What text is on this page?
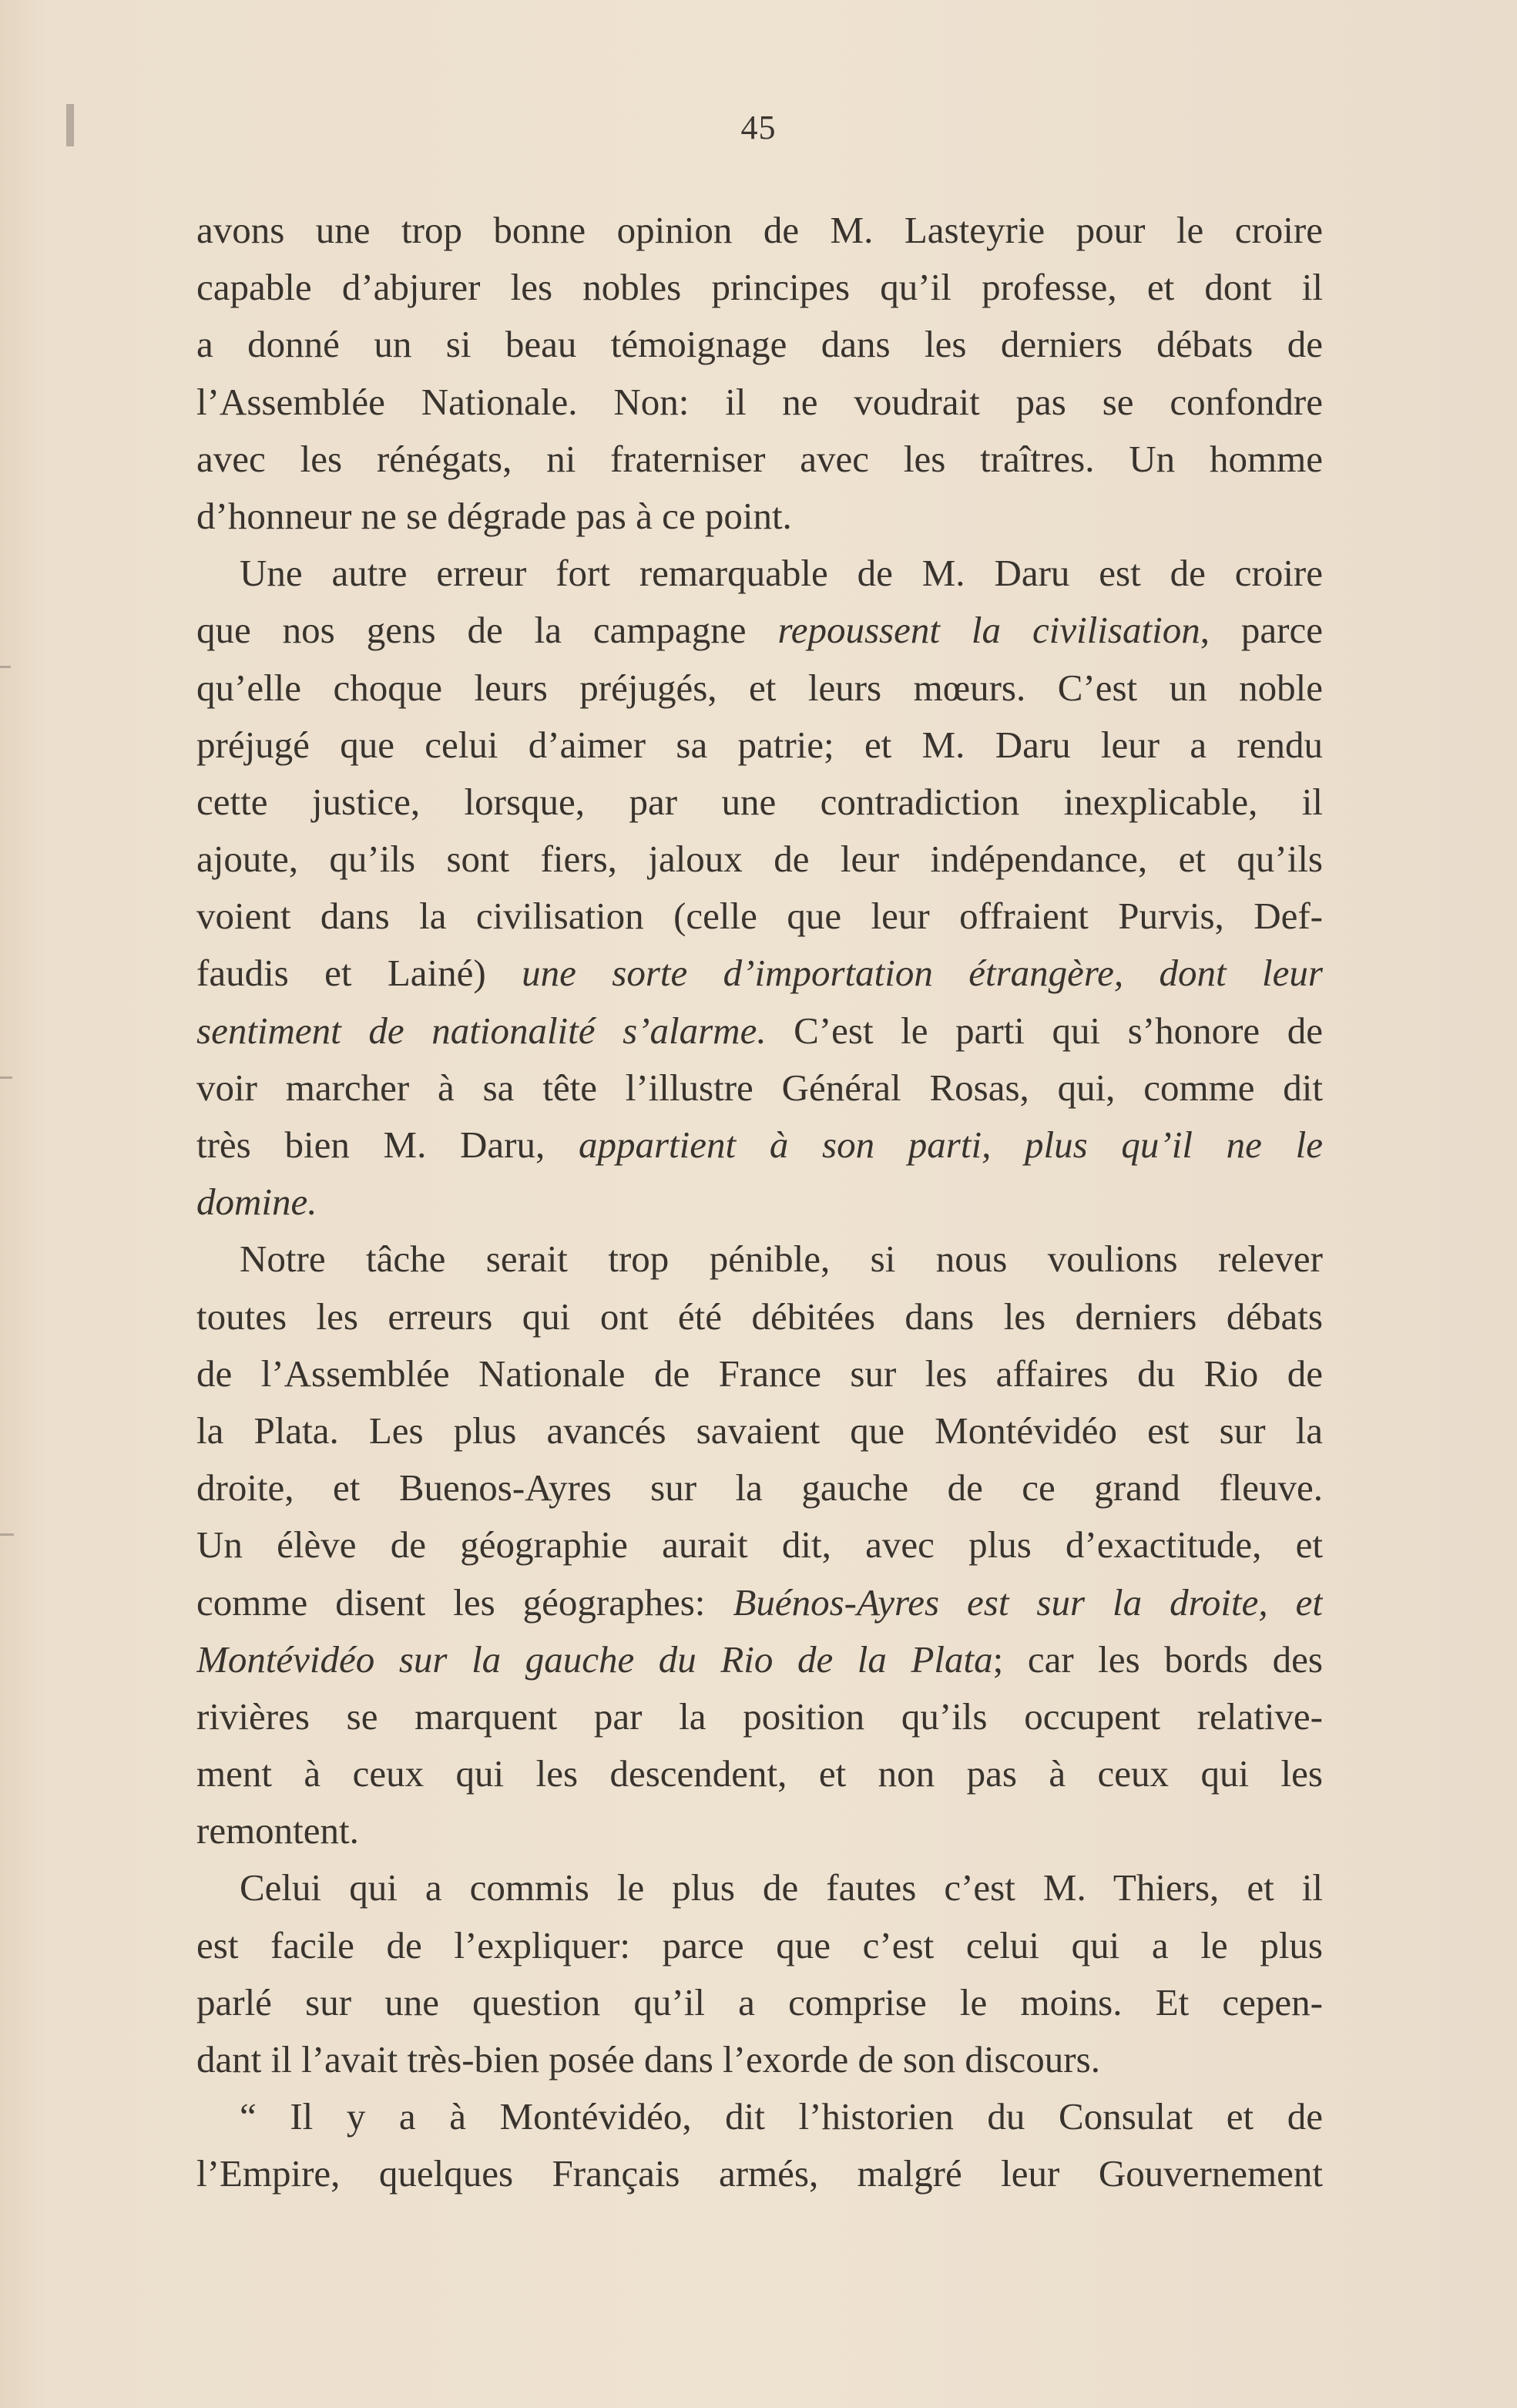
45
avons une trop bonne opinion de M. Lasteyrie pour le croire
capable d’abjurer les nobles principes qu’il professe, et dont il
a donné un si beau témoignage dans les derniers débats de
l’Assemblée Nationale. Non: il ne voudrait pas se confondre
avec les rénégats, ni fraterniser avec les traîtres. Un homme
d’honneur ne se dégrade pas à ce point.
Une autre erreur fort remarquable de M. Daru est de croire
que nos gens de la campagne repoussent la civilisation, parce
qu’elle choque leurs préjugés, et leurs mœurs. C’est un noble
préjugé que celui d’aimer sa patrie; et M. Daru leur a rendu
cette justice, lorsque, par une contradiction inexplicable, il
ajoute, qu’ils sont fiers, jaloux de leur indépendance, et qu’ils
voient dans la civilisation (celle que leur offraient Purvis, Def-
faudis et Lainé) une sorte d’importation étrangère, dont leur
sentiment de nationalité s’alarme. C’est le parti qui s’honore de
voir marcher à sa tête l’illustre Général Rosas, qui, comme dit
très bien M. Daru, appartient à son parti, plus qu’il ne le
domine.
Notre tâche serait trop pénible, si nous voulions relever
toutes les erreurs qui ont été débitées dans les derniers débats
de l’Assemblée Nationale de France sur les affaires du Rio de
la Plata. Les plus avancés savaient que Montévidéo est sur la
droite, et Buenos-Ayres sur la gauche de ce grand fleuve.
Un élève de géographie aurait dit, avec plus d’exactitude, et
comme disent les géographes: Buénos-Ayres est sur la droite, et
Montévidéo sur la gauche du Rio de la Plata; car les bords des
rivières se marquent par la position qu’ils occupent relative-
ment à ceux qui les descendent, et non pas à ceux qui les
remontent.
Celui qui a commis le plus de fautes c’est M. Thiers, et il
est facile de l’expliquer: parce que c’est celui qui a le plus
parlé sur une question qu’il a comprise le moins. Et cepen-
dant il l’avait très-bien posée dans l’exorde de son discours.
“ Il y a à Montévidéo, dit l’historien du Consulat et de
l’Empire, quelques Français armés, malgré leur Gouvernement
